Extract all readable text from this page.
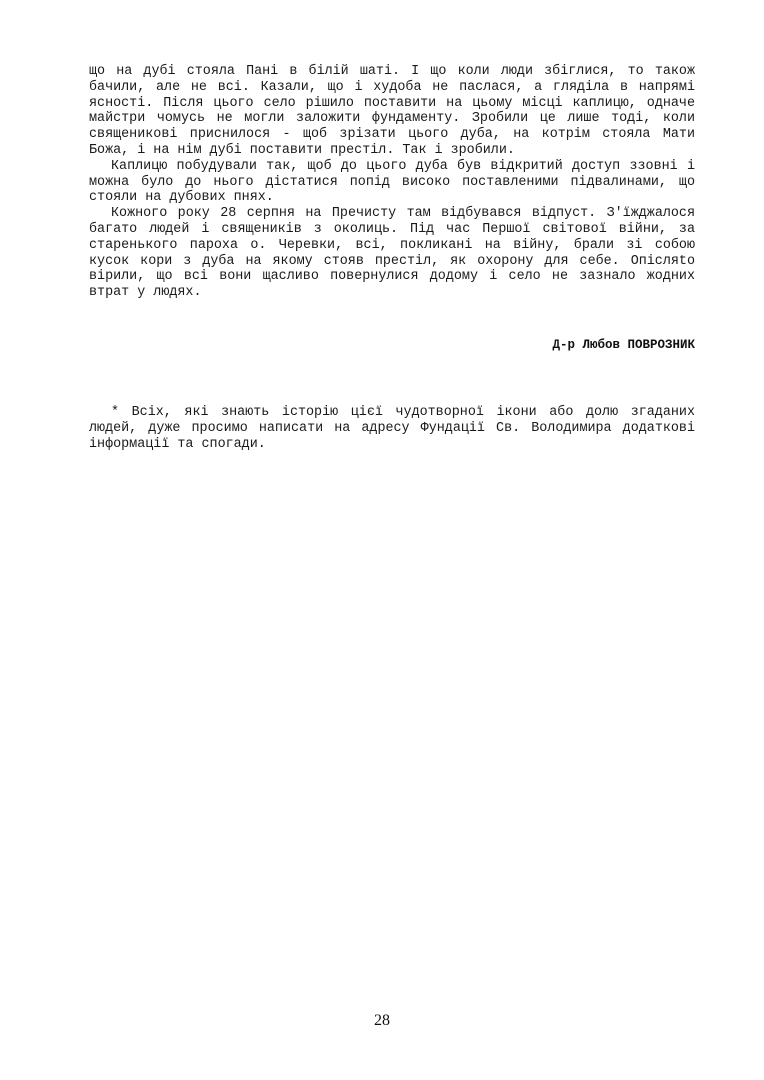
що на дубі стояла Пані в білій шаті. І що коли люди збіглися, то також бачили, але не всі. Казали, що і худоба не паслася, а гляділа в напрямі ясності. Після цього село рішило поставити на цьому місці каплицю, одначе майстри чомусь не могли заложити фундаменту. Зробили це лише тоді, коли священикові приснилося - щоб зрізати цього дуба, на котрім стояла Мати Божа, і на нім дубі поставити престіл. Так і зробили.

Каплицю побудували так, щоб до цього дуба був відкритий доступ ззовні і можна було до нього дістатися попід високо поставленими підвалинами, що стояли на дубових пнях.

Кожного року 28 серпня на Пречисту там відбувався відпуст. З'їжджалося багато людей і священиків з околиць. Під час Першої світової війни, за старенького пароха о. Черевки, всі, покликані на війну, брали зі собою кусок кори з дуба на якому стояв престіл, як охорону для себе. Опісляto вірили, що всі вони щасливо повернулися додому і село не зазнало жодних втрат у людях.

Д-р Любов ПОВРОЗНИК

* Всіх, які знають історію цієї чудотворної ікони або долю згаданих людей, дуже просимо написати на адресу Фундації Св. Володимира додаткові інформації та спогади.

28
